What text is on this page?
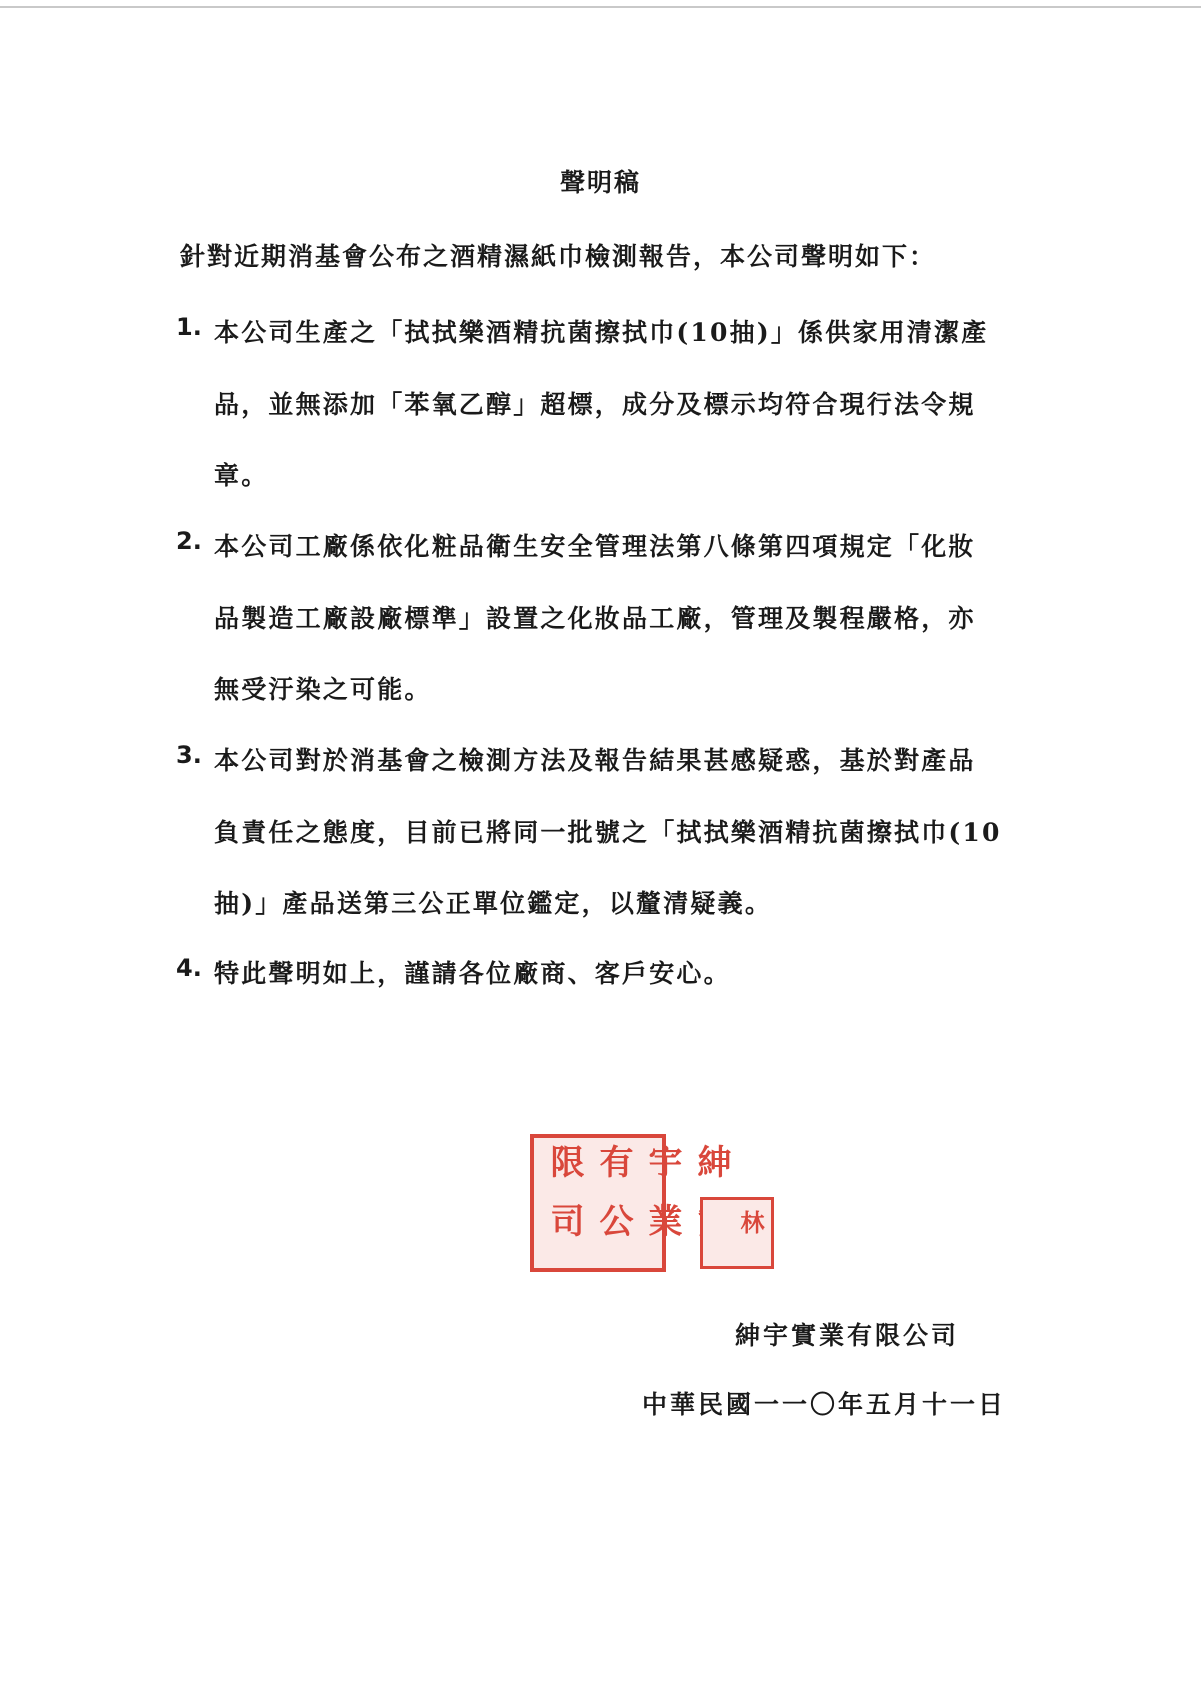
聲明稿
針對近期消基會公布之酒精濕紙巾檢測報告，本公司聲明如下：
1. 本公司生產之「拭拭樂酒精抗菌擦拭巾(10抽)」係供家用清潔產
品，並無添加「苯氧乙醇」超標，成分及標示均符合現行法令規
章。
2. 本公司工廠係依化粧品衛生安全管理法第八條第四項規定「化妝
品製造工廠設廠標準」設置之化妝品工廠，管理及製程嚴格，亦
無受汙染之可能。
3. 本公司對於消基會之檢測方法及報告結果甚感疑惑，基於對產品
負責任之態度，目前已將同一批號之「拭拭樂酒精抗菌擦拭巾(10
抽)」產品送第三公正單位鑑定，以釐清疑義。
4. 特此聲明如上，謹請各位廠商、客戶安心。
有限	紳宇
公司	業	林
紳宇實業有限公司
中華民國一一〇年五月十一日
